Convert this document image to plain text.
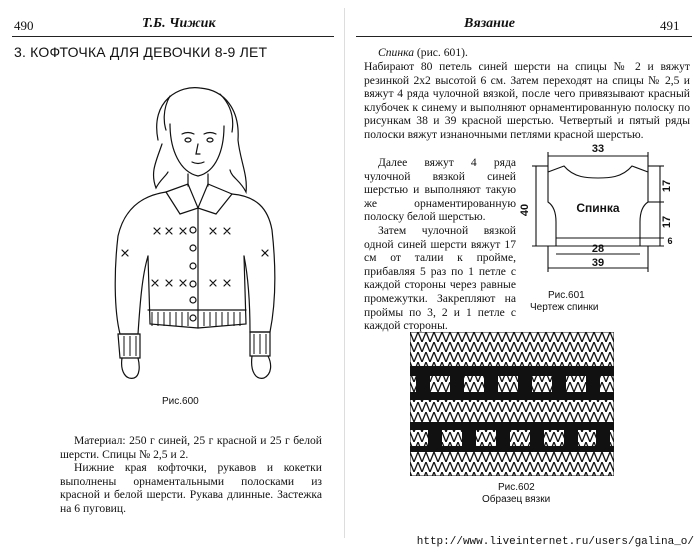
490	Т.Б. Чижик
3. КОФТОЧКА ДЛЯ ДЕВОЧКИ 8-9 ЛЕТ
Рис.600

Материал: 250 г синей, 25 г красной и 25 г белой шерсти. Спицы № 2,5 и 2.

Нижние края кофточки, рукавов и кокетки выполнены орнаментальными полосками из красной и белой шерсти. Рукава длинные. Застежка на 6 пуговиц.

Вязание	491

Спинка (рис. 601).

Набирают 80 петель синей шерсти на спицы № 2 и вяжут резинкой 2х2 высотой 6 см. Затем переходят на спицы № 2,5 и вяжут 4 ряда чулочной вязкой, после чего привязывают красный клубочек к синему и выполняют орнаментированную полоску по рисункам 38 и 39 красной шерстью. Четвертый и пятый ряды полоски вяжут изнаночными петлями красной шерстью.

Далее вяжут 4 ряда чулочной вязкой синей шерстью и выполняют такую же орнаментированную полоску белой шерстью.

Затем чулочной вязкой одной синей шерсти вяжут 17 см от талии к пройме, прибавляя 5 раз по 1 петле с каждой стороны через равные промежутки. Закрепляют на проймы по 3, 2 и 1 петле с каждой стороны.

33
40
17
17
6
28
39
Спинка
Рис.601
Чертеж спинки
Рис.602
Образец вязки
http://www.liveinternet.ru/users/galina_o/
